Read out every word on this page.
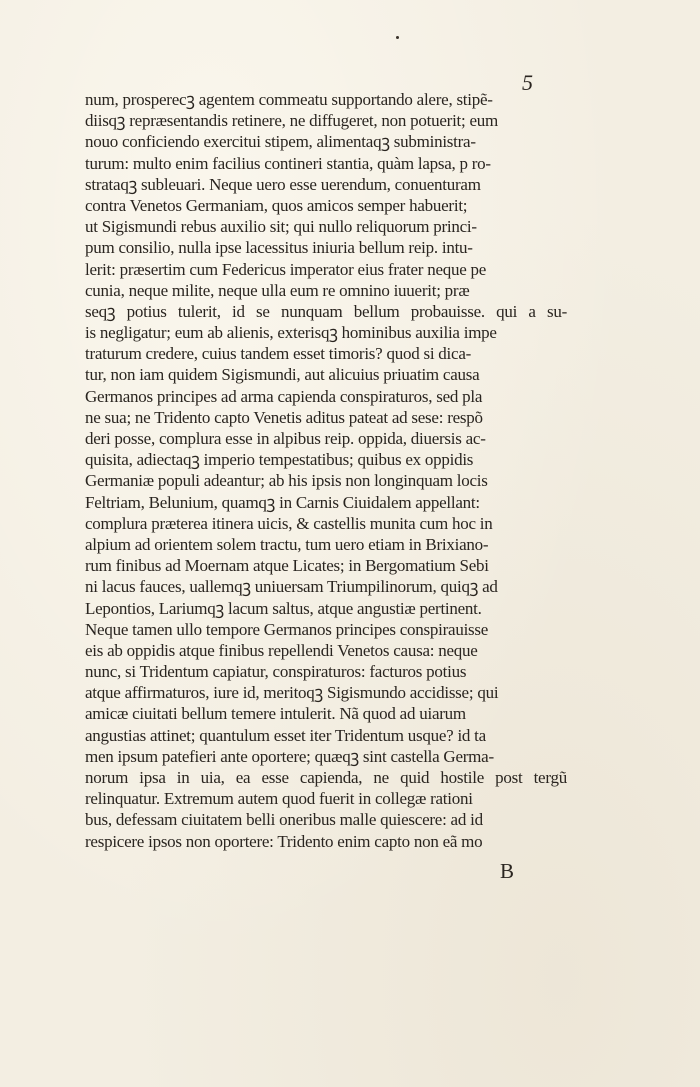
5
num, prosperecꝫ agentem commeatu supportando alere, stipẽ-
diisqꝫ repræsentandis retinere, ne diffugeret, non potuerit; eum
nouo conficiendo exercitui stipem, alimentaqꝫ subministra-
turum: multo enim facilius contineri stantia, quàm lapsa, p ro-
strataqꝫ subleuari. Neque uero esse uerendum, conuenturam
contra Venetos Germaniam, quos amicos semper habuerit;
ut Sigismundi rebus auxilio sit; qui nullo reliquorum princi-
pum consilio, nulla ipse lacessitus iniuria bellum reip. intu-
lerit: præsertim cum Federicus imperator eius frater neque pe
cunia, neque milite, neque ulla eum re omnino iuuerit; præ
seqꝫ potius tulerit, id se nunquam bellum probauisse. qui a su-
is negligatur; eum ab alienis, exterisqꝫ hominibus auxilia impe
traturum credere, cuius tandem esset timoris? quod si dica-
tur, non iam quidem Sigismundi, aut alicuius priuatim causa
Germanos principes ad arma capienda conspiraturos, sed pla
ne sua; ne Tridento capto Venetis aditus pateat ad sese: respõ
deri posse, complura esse in alpibus reip. oppida, diuersis ac-
quisita, adiectaqꝫ imperio tempestatibus; quibus ex oppidis
Germaniæ populi adeantur; ab his ipsis non longinquam locis
Feltriam, Belunium, quamqꝫ in Carnis Ciuidalem appellant:
complura præterea itinera uicis, & castellis munita cum hoc in
alpium ad orientem solem tractu, tum uero etiam in Brixiano-
rum finibus ad Moernam atque Licates; in Bergomatium Sebi
ni lacus fauces, uallemqꝫ uniuersam Triumpilinorum, quiqꝫ ad
Lepontios, Lariumqꝫ lacum saltus, atque angustiæ pertinent.
Neque tamen ullo tempore Germanos principes conspirauisse
eis ab oppidis atque finibus repellendi Venetos causa: neque
nunc, si Tridentum capiatur, conspiraturos: facturos potius
atque affirmaturos, iure id, meritoqꝫ Sigismundo accidisse; qui
amicæ ciuitati bellum temere intulerit. Nã quod ad uiarum
angustias attinet; quantulum esset iter Tridentum usque? id ta
men ipsum patefieri ante oportere; quæqꝫ sint castella Germa-
norum ipsa in uia, ea esse capienda, ne quid hostile post tergũ
relinquatur. Extremum autem quod fuerit in collegæ rationi
bus, defessam ciuitatem belli oneribus malle quiescere: ad id
respicere ipsos non oportere: Tridento enim capto non eã mo
B
